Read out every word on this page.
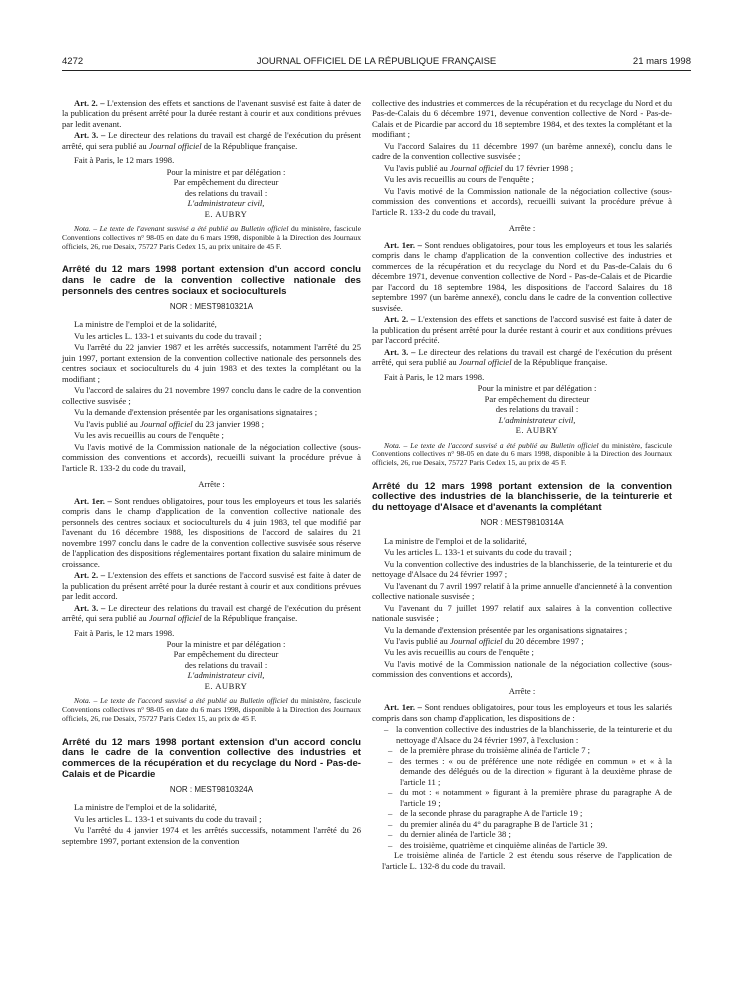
4272	JOURNAL OFFICIEL DE LA RÉPUBLIQUE FRANÇAISE	21 mars 1998

Art. 2. – L'extension des effets et sanctions de l'avenant susvisé est faite à dater de la publication du présent arrêté pour la durée restant à courir et aux conditions prévues par ledit avenant.

Art. 3. – Le directeur des relations du travail est chargé de l'exécution du présent arrêté, qui sera publié au Journal officiel de la République française.

Fait à Paris, le 12 mars 1998.

Pour la ministre et par délégation :
Par empêchement du directeur
des relations du travail :
L'administrateur civil,
E. AUBRY

Nota. – Le texte de l'avenant susvisé a été publié au Bulletin officiel du ministère, fascicule Conventions collectives n° 98-05 en date du 6 mars 1998, disponible à la Direction des Journaux officiels, 26, rue Desaix, 75727 Paris Cedex 15, au prix unitaire de 45 F.

Arrêté du 12 mars 1998 portant extension d'un accord conclu dans le cadre de la convention collective nationale des personnels des centres sociaux et socioculturels
NOR : MEST9810321A

La ministre de l'emploi et de la solidarité,

Vu les articles L. 133-1 et suivants du code du travail ;

Vu l'arrêté du 22 janvier 1987 et les arrêtés successifs, notamment l'arrêté du 25 juin 1997, portant extension de la convention collective nationale des personnels des centres sociaux et socioculturels du 4 juin 1983 et des textes la complétant ou la modifiant ;

Vu l'accord de salaires du 21 novembre 1997 conclu dans le cadre de la convention collective susvisée ;

Vu la demande d'extension présentée par les organisations signataires ;

Vu l'avis publié au Journal officiel du 23 janvier 1998 ;

Vu les avis recueillis au cours de l'enquête ;

Vu l'avis motivé de la Commission nationale de la négociation collective (sous-commission des conventions et accords), recueilli suivant la procédure prévue à l'article R. 133-2 du code du travail,

Arrête :

Art. 1er. – Sont rendues obligatoires, pour tous les employeurs et tous les salariés compris dans le champ d'application de la convention collective nationale des personnels des centres sociaux et socioculturels du 4 juin 1983, tel que modifié par l'avenant du 16 décembre 1988, les dispositions de l'accord de salaires du 21 novembre 1997 conclu dans le cadre de la convention collective susvisée sous réserve de l'application des dispositions réglementaires portant fixation du salaire minimum de croissance.

Art. 2. – L'extension des effets et sanctions de l'accord susvisé est faite à dater de la publication du présent arrêté pour la durée restant à courir et aux conditions prévues par ledit accord.

Art. 3. – Le directeur des relations du travail est chargé de l'exécution du présent arrêté, qui sera publié au Journal officiel de la République française.

Fait à Paris, le 12 mars 1998.

Pour la ministre et par délégation :
Par empêchement du directeur
des relations du travail :
L'administrateur civil,
E. AUBRY

Nota. – Le texte de l'accord susvisé a été publié au Bulletin officiel du ministère, fascicule Conventions collectives n° 98-05 en date du 6 mars 1998, disponible à la Direction des Journaux officiels, 26, rue Desaix, 75727 Paris Cedex 15, au prix de 45 F.

Arrêté du 12 mars 1998 portant extension d'un accord conclu dans le cadre de la convention collective des industries et commerces de la récupération et du recyclage du Nord - Pas-de-Calais et de Picardie
NOR : MEST9810324A

La ministre de l'emploi et de la solidarité,

Vu les articles L. 133-1 et suivants du code du travail ;

Vu l'arrêté du 4 janvier 1974 et les arrêtés successifs, notamment l'arrêté du 26 septembre 1997, portant extension de la convention

collective des industries et commerces de la récupération et du recyclage du Nord et du Pas-de-Calais du 6 décembre 1971, devenue convention collective de Nord - Pas-de-Calais et de Picardie par accord du 18 septembre 1984, et des textes la complétant et la modifiant ;

Vu l'accord Salaires du 11 décembre 1997 (un barème annexé), conclu dans le cadre de la convention collective susvisée ;

Vu l'avis publié au Journal officiel du 17 février 1998 ;

Vu les avis recueillis au cours de l'enquête ;

Vu l'avis motivé de la Commission nationale de la négociation collective (sous-commission des conventions et accords), recueilli suivant la procédure prévue à l'article R. 133-2 du code du travail,

Arrête :

Art. 1er. – Sont rendues obligatoires, pour tous les employeurs et tous les salariés compris dans le champ d'application de la convention collective des industries et commerces de la récupération et du recyclage du Nord et du Pas-de-Calais du 6 décembre 1971, devenue convention collective de Nord - Pas-de-Calais et de Picardie par l'accord du 18 septembre 1984, les dispositions de l'accord Salaires du 18 septembre 1997 (un barème annexé), conclu dans le cadre de la convention collective susvisée.

Art. 2. – L'extension des effets et sanctions de l'accord susvisé est faite à dater de la publication du présent arrêté pour la durée restant à courir et aux conditions prévues par l'accord précité.

Art. 3. – Le directeur des relations du travail est chargé de l'exécution du présent arrêté, qui sera publié au Journal officiel de la République française.

Fait à Paris, le 12 mars 1998.

Pour la ministre et par délégation :
Par empêchement du directeur
des relations du travail :
L'administrateur civil,
E. AUBRY

Nota. – Le texte de l'accord susvisé a été publié au Bulletin officiel du ministère, fascicule Conventions collectives n° 98-05 en date du 6 mars 1998, disponible à la Direction des Journaux officiels, 26, rue Desaix, 75727 Paris Cedex 15, au prix de 45 F.

Arrêté du 12 mars 1998 portant extension de la convention collective des industries de la blanchisserie, de la teinturerie et du nettoyage d'Alsace et d'avenants la complétant
NOR : MEST9810314A

La ministre de l'emploi et de la solidarité,

Vu les articles L. 133-1 et suivants du code du travail ;

Vu la convention collective des industries de la blanchisserie, de la teinturerie et du nettoyage d'Alsace du 24 février 1997 ;

Vu l'avenant du 7 avril 1997 relatif à la prime annuelle d'ancienneté à la convention collective nationale susvisée ;

Vu l'avenant du 7 juillet 1997 relatif aux salaires à la convention collective nationale susvisée ;

Vu la demande d'extension présentée par les organisations signataires ;

Vu l'avis publié au Journal officiel du 20 décembre 1997 ;

Vu les avis recueillis au cours de l'enquête ;

Vu l'avis motivé de la Commission nationale de la négociation collective (sous-commission des conventions et accords),

Arrête :

Art. 1er. – Sont rendues obligatoires, pour tous les employeurs et tous les salariés compris dans son champ d'application, les dispositions de :

– la convention collective des industries de la blanchisserie, de la teinturerie et du nettoyage d'Alsace du 24 février 1997, à l'exclusion :
– de la première phrase du troisième alinéa de l'article 7 ;
– des termes : « ou de préférence une note rédigée en commun » et « à la demande des délégués ou de la direction » figurant à la deuxième phrase de l'article 11 ;
– du mot : « notamment » figurant à la première phrase du paragraphe A de l'article 19 ;
– de la seconde phrase du paragraphe A de l'article 19 ;
– du premier alinéa du 4° du paragraphe B de l'article 31 ;
– du dernier alinéa de l'article 38 ;
– des troisième, quatrième et cinquième alinéas de l'article 39.

Le troisième alinéa de l'article 2 est étendu sous réserve de l'application de l'article L. 132-8 du code du travail.
